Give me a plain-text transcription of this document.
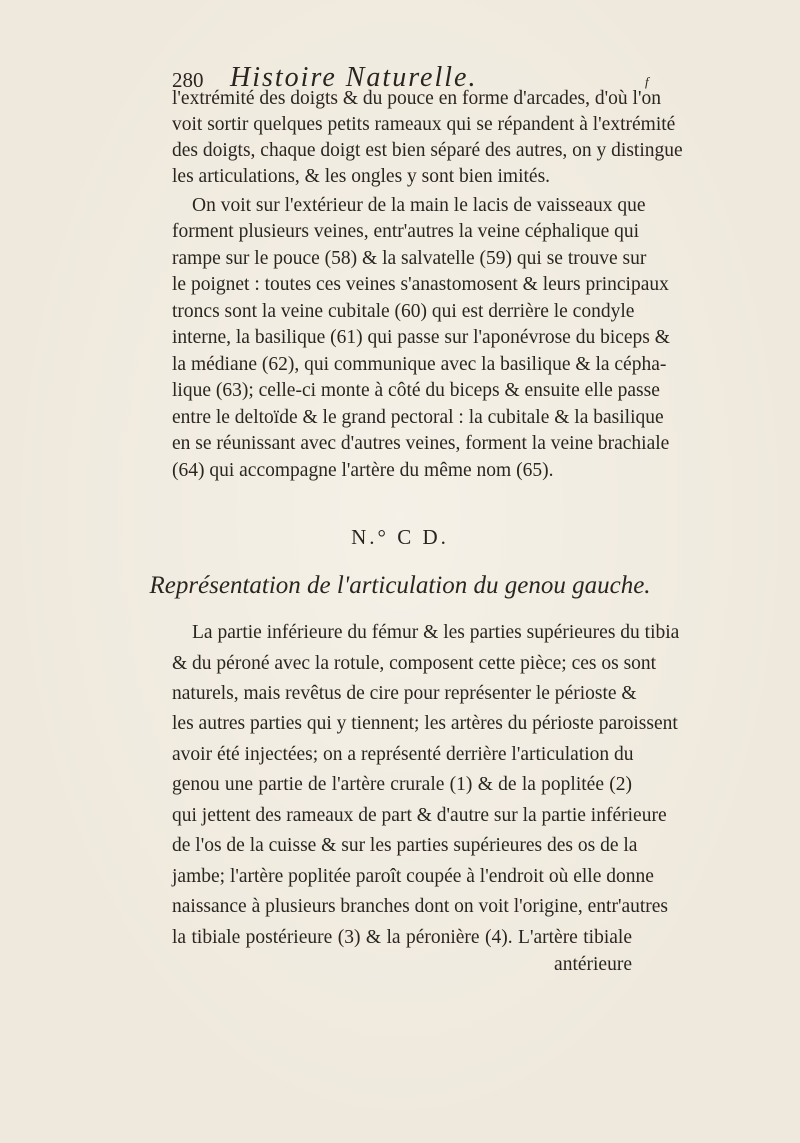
280 Histoire Naturelle.	f
l'extrémité des doigts & du pouce en forme d'arcades, d'où l'on
voit sortir quelques petits rameaux qui se répandent à l'extrémité
des doigts, chaque doigt est bien séparé des autres, on y distingue
les articulations, & les ongles y sont bien imités.
On voit sur l'extérieur de la main le lacis de vaisseaux que
forment plusieurs veines, entr'autres la veine céphalique qui
rampe sur le pouce (58) & la salvatelle (59) qui se trouve sur
le poignet : toutes ces veines s'anastomosent & leurs principaux
troncs sont la veine cubitale (60) qui est derrière le condyle
interne, la basilique (61) qui passe sur l'aponévrose du biceps &
la médiane (62), qui communique avec la basilique & la cépha-
lique (63); celle-ci monte à côté du biceps & ensuite elle passe
entre le deltoïde & le grand pectoral : la cubitale & la basilique
en se réunissant avec d'autres veines, forment la veine brachiale
(64) qui accompagne l'artère du même nom (65).
N.° C D.
Représentation de l'articulation du genou gauche.
La partie inférieure du fémur & les parties supérieures du tibia
& du péroné avec la rotule, composent cette pièce; ces os sont
naturels, mais revêtus de cire pour représenter le périoste &
les autres parties qui y tiennent; les artères du périoste paroissent
avoir été injectées; on a représenté derrière l'articulation du
genou une partie de l'artère crurale (1) & de la poplitée (2)
qui jettent des rameaux de part & d'autre sur la partie inférieure
de l'os de la cuisse & sur les parties supérieures des os de la
jambe; l'artère poplitée paroît coupée à l'endroit où elle donne
naissance à plusieurs branches dont on voit l'origine, entr'autres
la tibiale postérieure (3) & la péronière (4). L'artère tibiale
antérieure
